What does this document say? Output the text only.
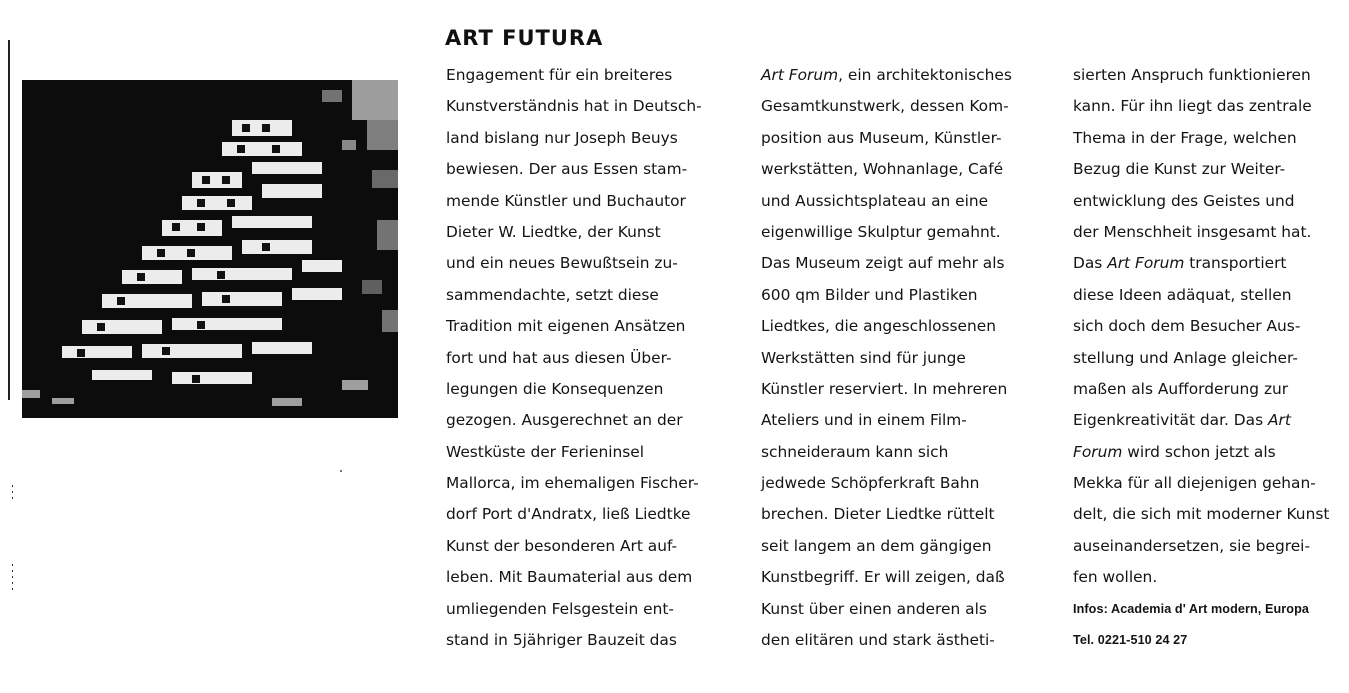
ART FUTURA
Engagement für ein breiteres
Kunstverständnis hat in Deutsch-
land bislang nur Joseph Beuys
bewiesen. Der aus Essen stam-
mende Künstler und Buchautor
Dieter W. Liedtke, der Kunst
und ein neues Bewußtsein zu-
sammendachte, setzt diese
Tradition mit eigenen Ansätzen
fort und hat aus diesen Über-
legungen die Konsequenzen
gezogen. Ausgerechnet an der
Westküste der Ferieninsel
Mallorca, im ehemaligen Fischer-
dorf Port d'Andratx, ließ Liedtke
Kunst der besonderen Art auf-
leben. Mit Baumaterial aus dem
umliegenden Felsgestein ent-
stand in 5jähriger Bauzeit das
Art Forum, ein architektonisches
Gesamtkunstwerk, dessen Kom-
position aus Museum, Künstler-
werkstätten, Wohnanlage, Café
und Aussichtsplateau an eine
eigenwillige Skulptur gemahnt.
Das Museum zeigt auf mehr als
600 qm Bilder und Plastiken
Liedtkes, die angeschlossenen
Werkstätten sind für junge
Künstler reserviert. In mehreren
Ateliers und in einem Film-
schneideraum kann sich
jedwede Schöpferkraft Bahn
brechen. Dieter Liedtke rüttelt
seit langem an dem gängigen
Kunstbegriff. Er will zeigen, daß
Kunst über einen anderen als
den elitären und stark ästheti-
sierten Anspruch funktionieren
kann. Für ihn liegt das zentrale
Thema in der Frage, welchen
Bezug die Kunst zur Weiter-
entwicklung des Geistes und
der Menschheit insgesamt hat.
Das Art Forum transportiert
diese Ideen adäquat, stellen
sich doch dem Besucher Aus-
stellung und Anlage gleicher-
maßen als Aufforderung zur
Eigenkreativität dar. Das Art
Forum wird schon jetzt als
Mekka für all diejenigen gehan-
delt, die sich mit moderner Kunst
auseinandersetzen, sie begrei-
fen wollen.
Infos: Academia d' Art modern, Europa
Tel. 0221-510 24 27
